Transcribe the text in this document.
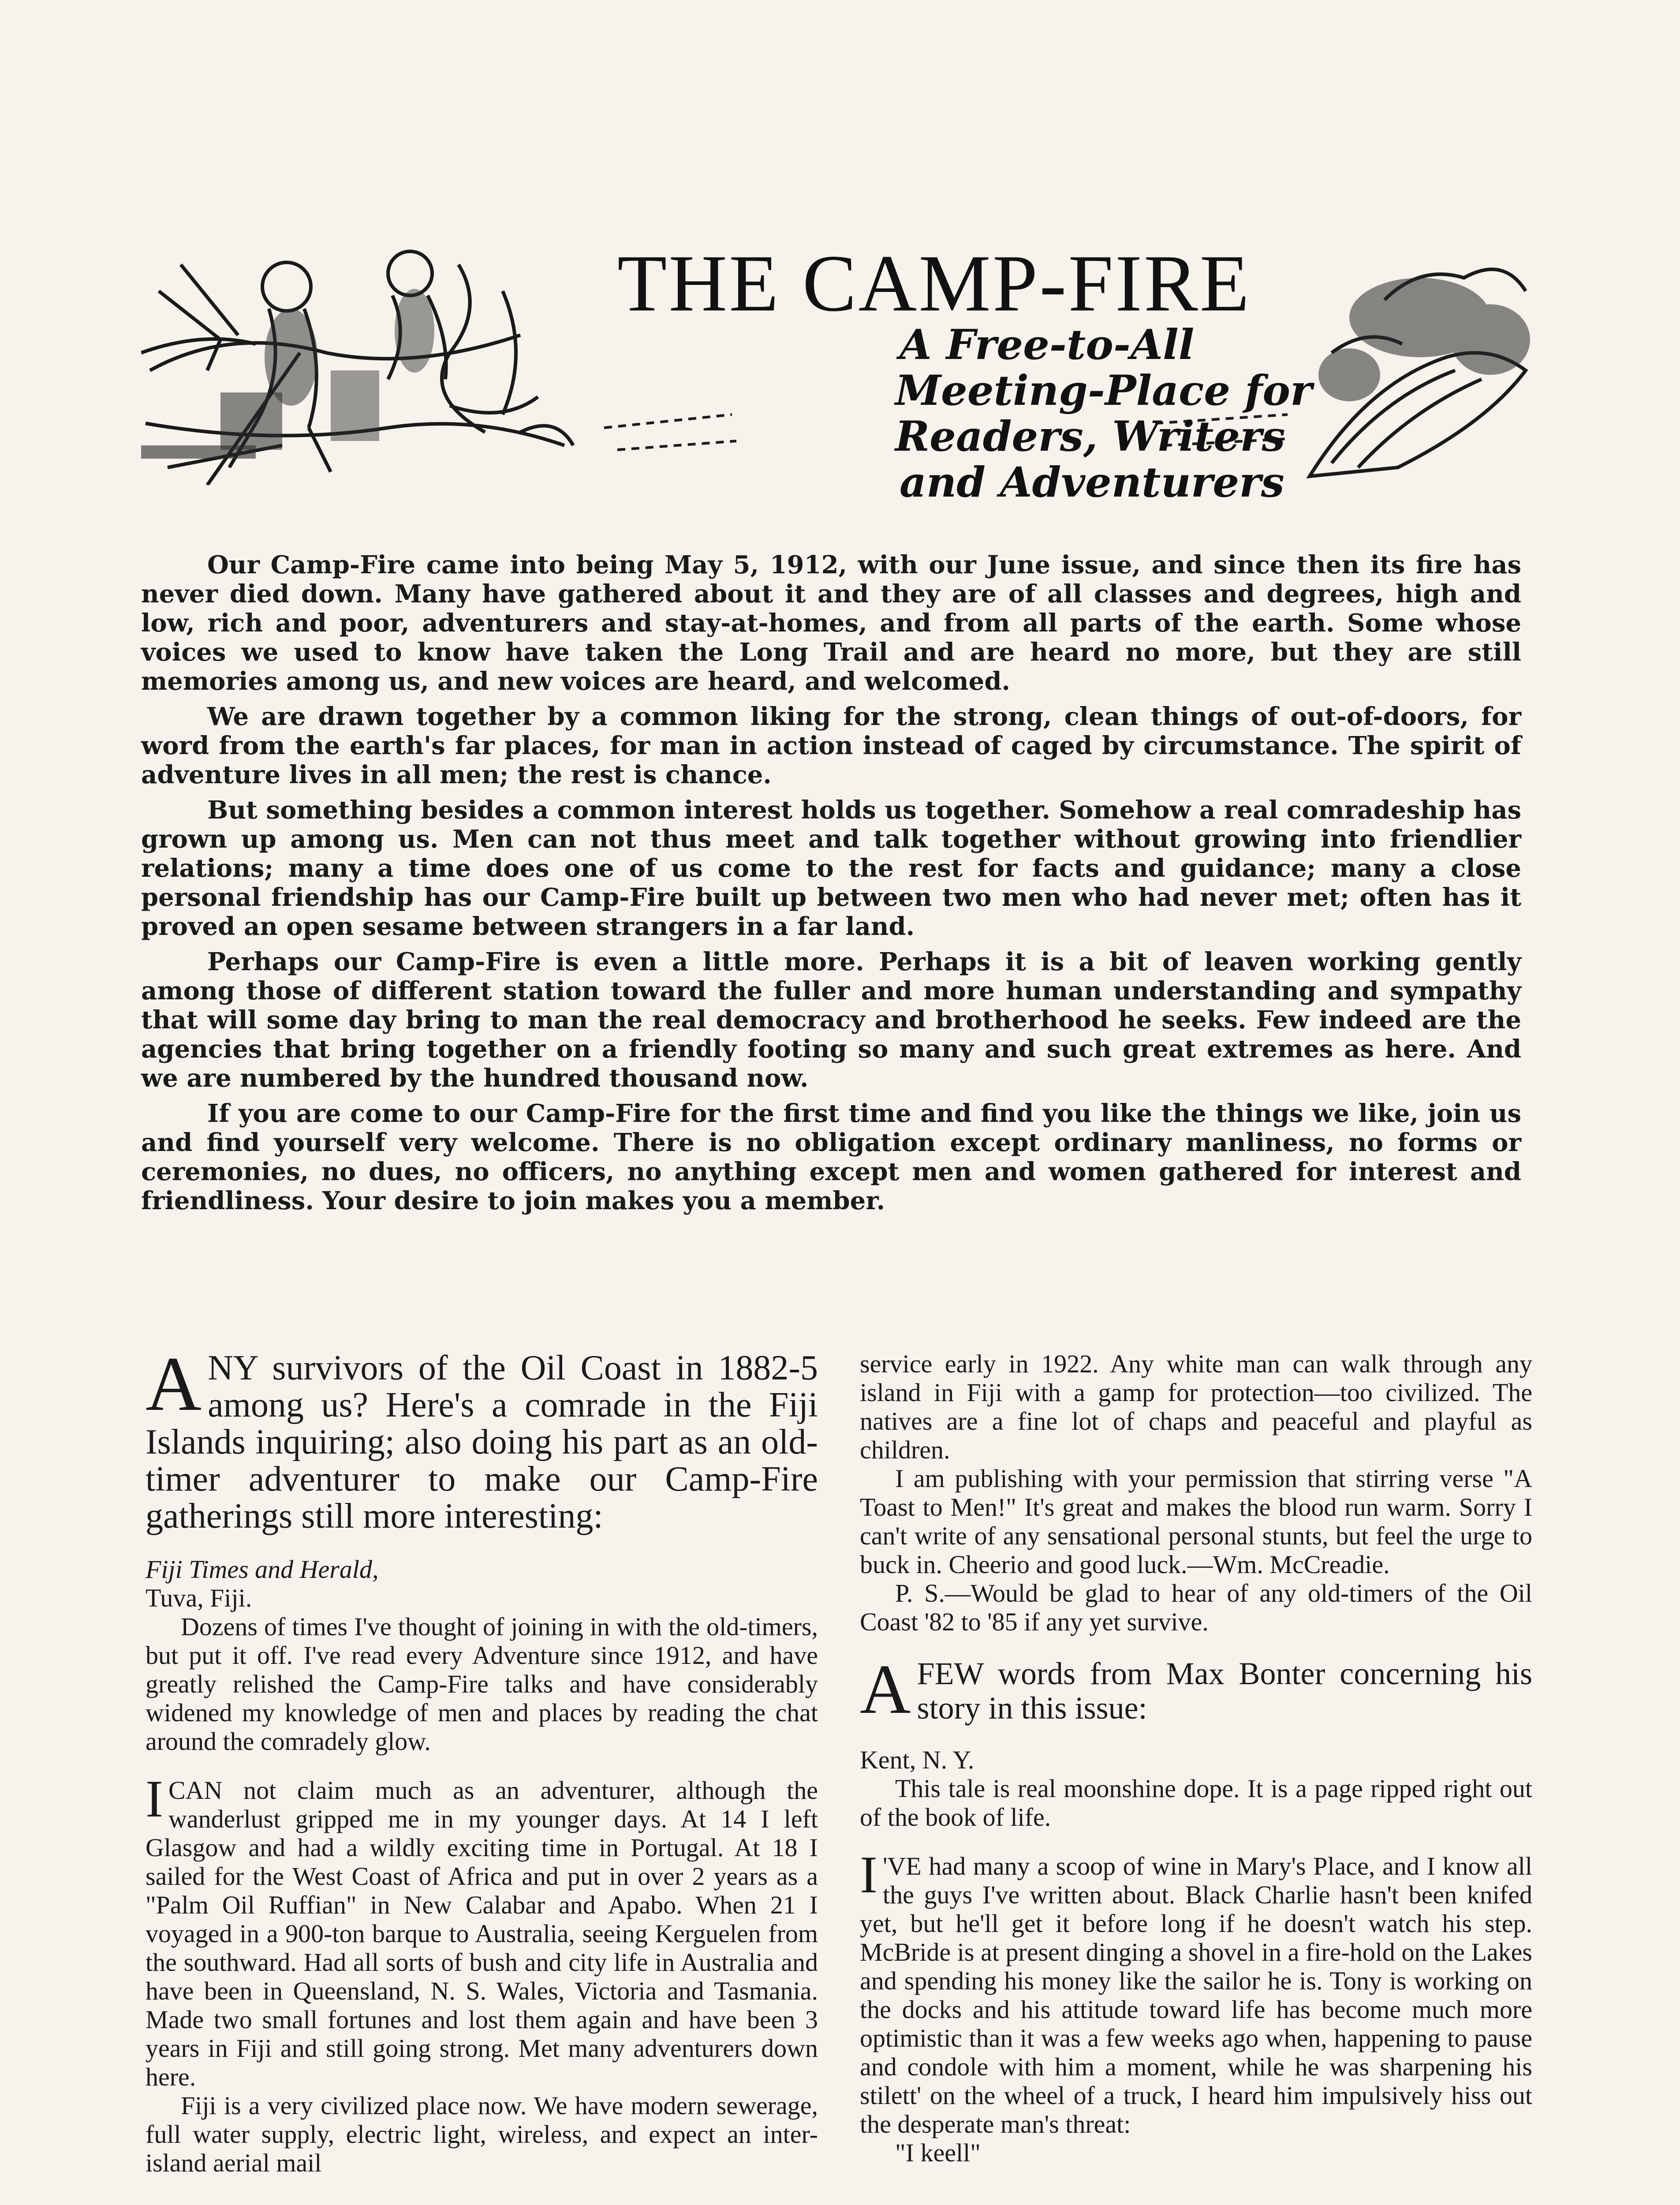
THE CAMP-FIRE
A Free-to-All
Meeting-Place for
Readers, Writers
and Adventurers

Our Camp-Fire came into being May 5, 1912, with our June issue, and since then its fire has never died down. Many have gathered about it and they are of all classes and degrees, high and low, rich and poor, adventurers and stay-at-homes, and from all parts of the earth. Some whose voices we used to know have taken the Long Trail and are heard no more, but they are still memories among us, and new voices are heard, and welcomed.

We are drawn together by a common liking for the strong, clean things of out-of-doors, for word from the earth's far places, for man in action instead of caged by circumstance. The spirit of adventure lives in all men; the rest is chance.

But something besides a common interest holds us together. Somehow a real comradeship has grown up among us. Men can not thus meet and talk together without growing into friendlier relations; many a time does one of us come to the rest for facts and guidance; many a close personal friendship has our Camp-Fire built up between two men who had never met; often has it proved an open sesame between strangers in a far land.

Perhaps our Camp-Fire is even a little more. Perhaps it is a bit of leaven working gently among those of different station toward the fuller and more human understanding and sympathy that will some day bring to man the real democracy and brotherhood he seeks. Few indeed are the agencies that bring together on a friendly footing so many and such great extremes as here. And we are numbered by the hundred thousand now.

If you are come to our Camp-Fire for the first time and find you like the things we like, join us and find yourself very welcome. There is no obligation except ordinary manliness, no forms or ceremonies, no dues, no officers, no anything except men and women gathered for interest and friendliness. Your desire to join makes you a member.

ANY survivors of the Oil Coast in 1882-5 among us? Here's a comrade in the Fiji Islands inquiring; also doing his part as an old-timer adventurer to make our Camp-Fire gatherings still more interesting:

Fiji Times and Herald,

Tuva, Fiji.

Dozens of times I've thought of joining in with the old-timers, but put it off. I've read every Adventure since 1912, and have greatly relished the Camp-Fire talks and have considerably widened my knowledge of men and places by reading the chat around the comradely glow.

ICAN not claim much as an adventurer, although the wanderlust gripped me in my younger days. At 14 I left Glasgow and had a wildly exciting time in Portugal. At 18 I sailed for the West Coast of Africa and put in over 2 years as a "Palm Oil Ruffian" in New Calabar and Apabo. When 21 I voyaged in a 900-ton barque to Australia, seeing Kerguelen from the southward. Had all sorts of bush and city life in Australia and have been in Queensland, N. S. Wales, Victoria and Tasmania. Made two small fortunes and lost them again and have been 3 years in Fiji and still going strong. Met many adventurers down here.

Fiji is a very civilized place now. We have modern sewerage, full water supply, electric light, wireless, and expect an inter-island aerial mail

service early in 1922. Any white man can walk through any island in Fiji with a gamp for protection—too civilized. The natives are a fine lot of chaps and peaceful and playful as children.

I am publishing with your permission that stirring verse "A Toast to Men!" It's great and makes the blood run warm. Sorry I can't write of any sensational personal stunts, but feel the urge to buck in. Cheerio and good luck.—Wm. McCreadie.

P. S.—Would be glad to hear of any old-timers of the Oil Coast '82 to '85 if any yet survive.

AFEW words from Max Bonter concerning his story in this issue:

Kent, N. Y.

This tale is real moonshine dope. It is a page ripped right out of the book of life.

I 'VE had many a scoop of wine in Mary's Place, and I know all the guys I've written about. Black Charlie hasn't been knifed yet, but he'll get it before long if he doesn't watch his step. McBride is at present dinging a shovel in a fire-hold on the Lakes and spending his money like the sailor he is. Tony is working on the docks and his attitude toward life has become much more optimistic than it was a few weeks ago when, happening to pause and condole with him a moment, while he was sharpening his stilett' on the wheel of a truck, I heard him impulsively hiss out the desperate man's threat:

"I keell"
